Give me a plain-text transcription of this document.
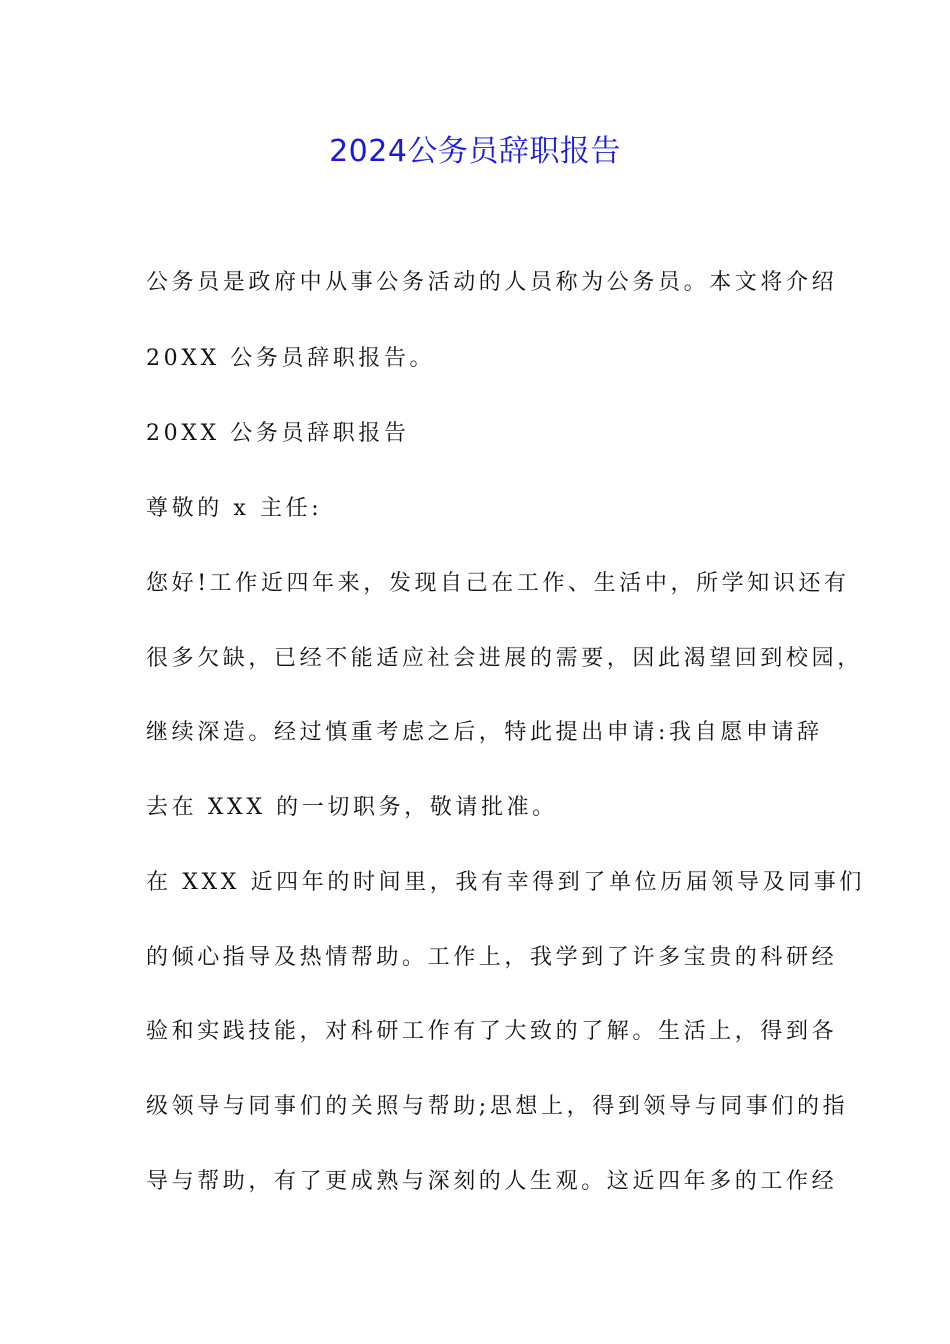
2024公务员辞职报告
公务员是政府中从事公务活动的人员称为公务员。本文将介绍
20XX 公务员辞职报告。
20XX 公务员辞职报告
尊敬的 x 主任:
您好!工作近四年来，发现自己在工作、生活中，所学知识还有
很多欠缺，已经不能适应社会进展的需要，因此渴望回到校园，
继续深造。经过慎重考虑之后，特此提出申请:我自愿申请辞
去在 XXX 的一切职务，敬请批准。
在 XXX 近四年的时间里，我有幸得到了单位历届领导及同事们
的倾心指导及热情帮助。工作上，我学到了许多宝贵的科研经
验和实践技能，对科研工作有了大致的了解。生活上，得到各
级领导与同事们的关照与帮助;思想上，得到领导与同事们的指
导与帮助，有了更成熟与深刻的人生观。这近四年多的工作经
